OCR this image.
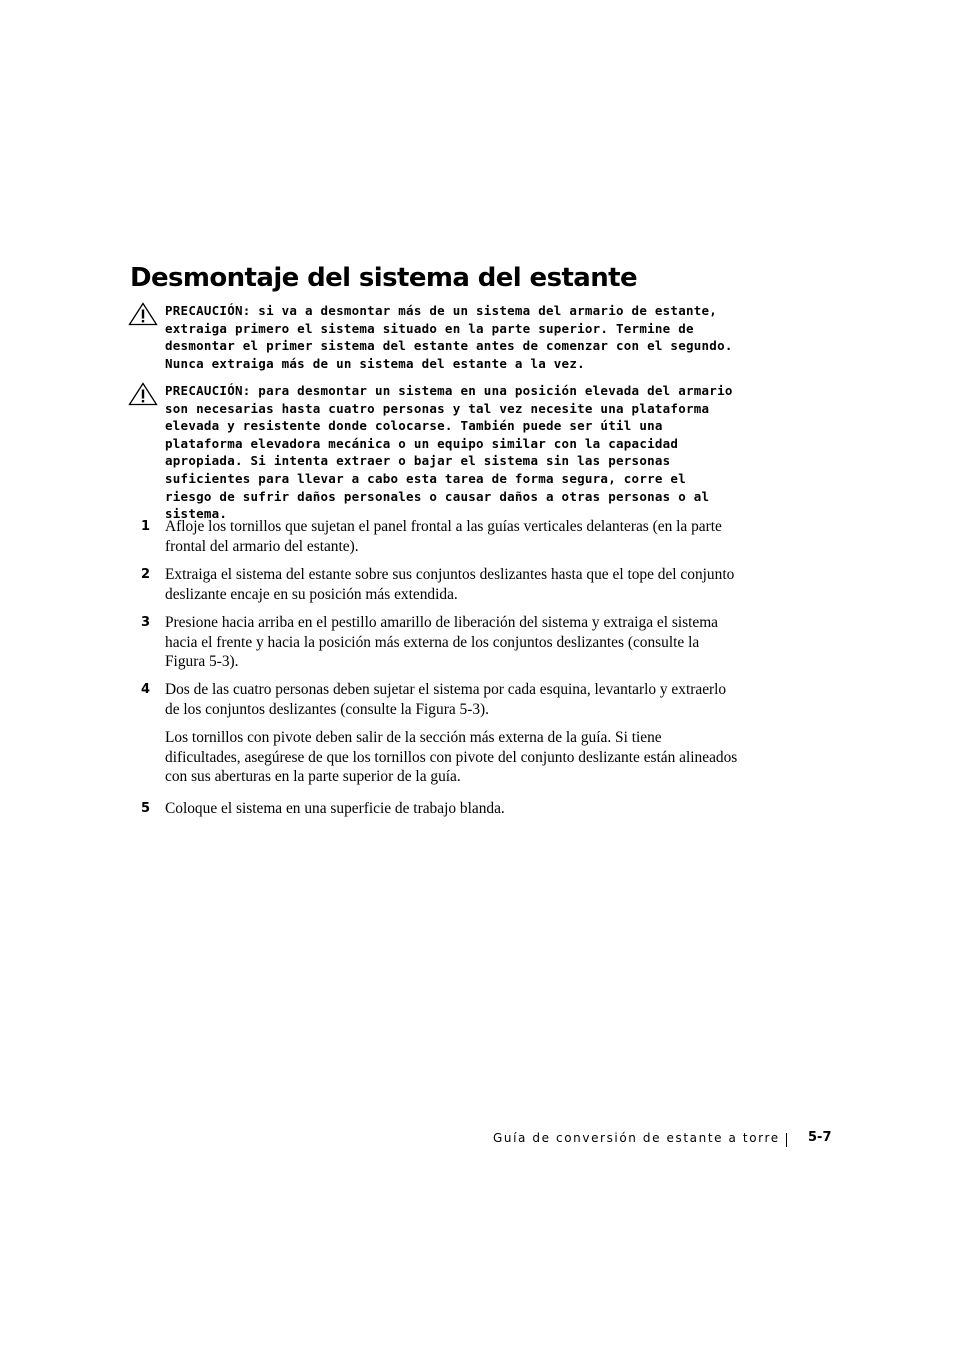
Desmontaje del sistema del estante
PRECAUCIÓN: si va a desmontar más de un sistema del armario de estante, extraiga primero el sistema situado en la parte superior. Termine de desmontar el primer sistema del estante antes de comenzar con el segundo. Nunca extraiga más de un sistema del estante a la vez.
PRECAUCIÓN: para desmontar un sistema en una posición elevada del armario son necesarias hasta cuatro personas y tal vez necesite una plataforma elevada y resistente donde colocarse. También puede ser útil una plataforma elevadora mecánica o un equipo similar con la capacidad apropiada. Si intenta extraer o bajar el sistema sin las personas suficientes para llevar a cabo esta tarea de forma segura, corre el riesgo de sufrir daños personales o causar daños a otras personas o al sistema.
1 Afloje los tornillos que sujetan el panel frontal a las guías verticales delanteras (en la parte frontal del armario del estante).
2 Extraiga el sistema del estante sobre sus conjuntos deslizantes hasta que el tope del conjunto deslizante encaje en su posición más extendida.
3 Presione hacia arriba en el pestillo amarillo de liberación del sistema y extraiga el sistema hacia el frente y hacia la posición más externa de los conjuntos deslizantes (consulte la Figura 5-3).
4 Dos de las cuatro personas deben sujetar el sistema por cada esquina, levantarlo y extraerlo de los conjuntos deslizantes (consulte la Figura 5-3).
Los tornillos con pivote deben salir de la sección más externa de la guía. Si tiene dificultades, asegúrese de que los tornillos con pivote del conjunto deslizante están alineados con sus aberturas en la parte superior de la guía.
5 Coloque el sistema en una superficie de trabajo blanda.
Guía de conversión de estante a torre 5-7
